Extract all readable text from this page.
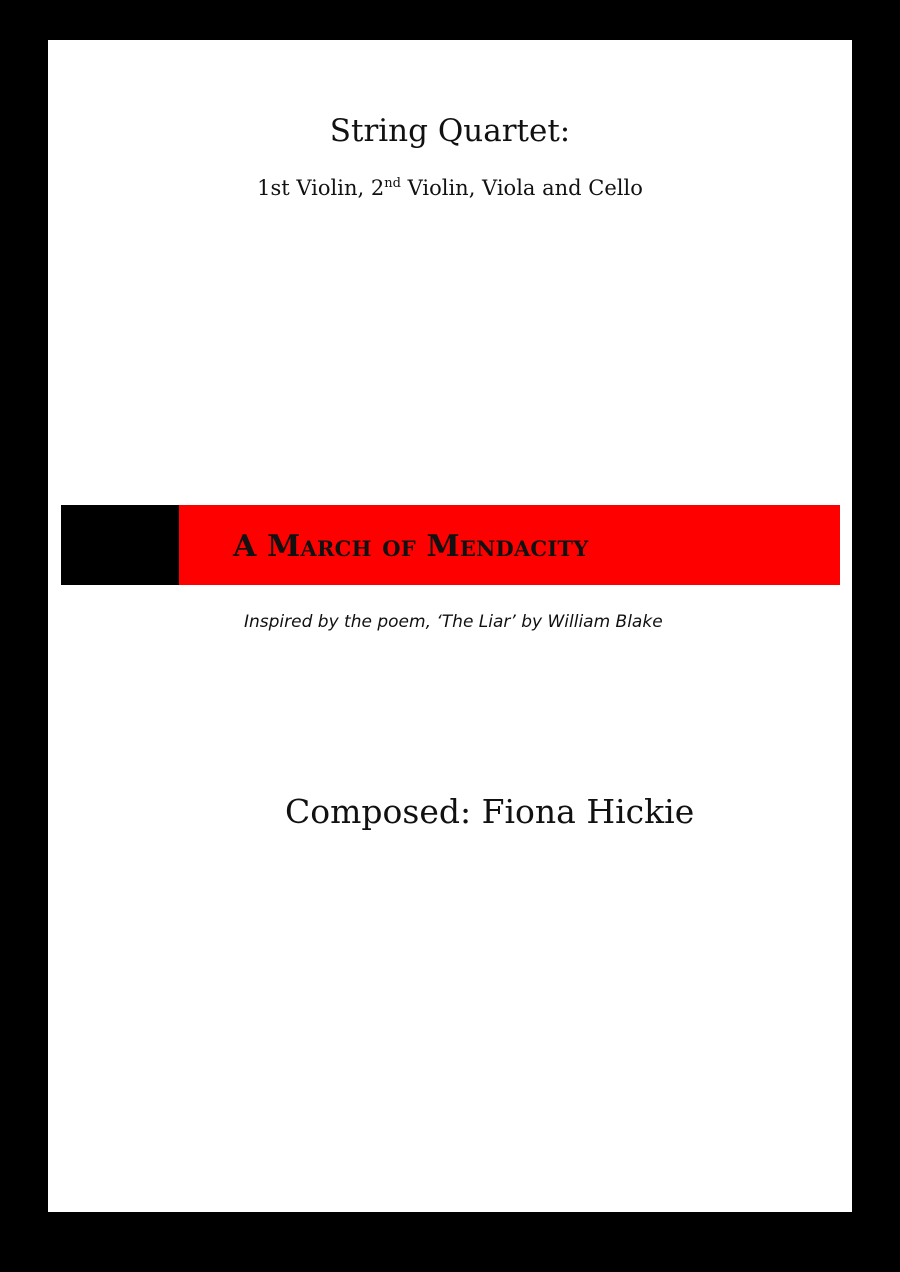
String Quartet:
1st Violin, 2nd Violin, Viola and Cello
A March of Mendacity
Inspired by the poem, ‘The Liar’ by William Blake
Composed: Fiona Hickie
